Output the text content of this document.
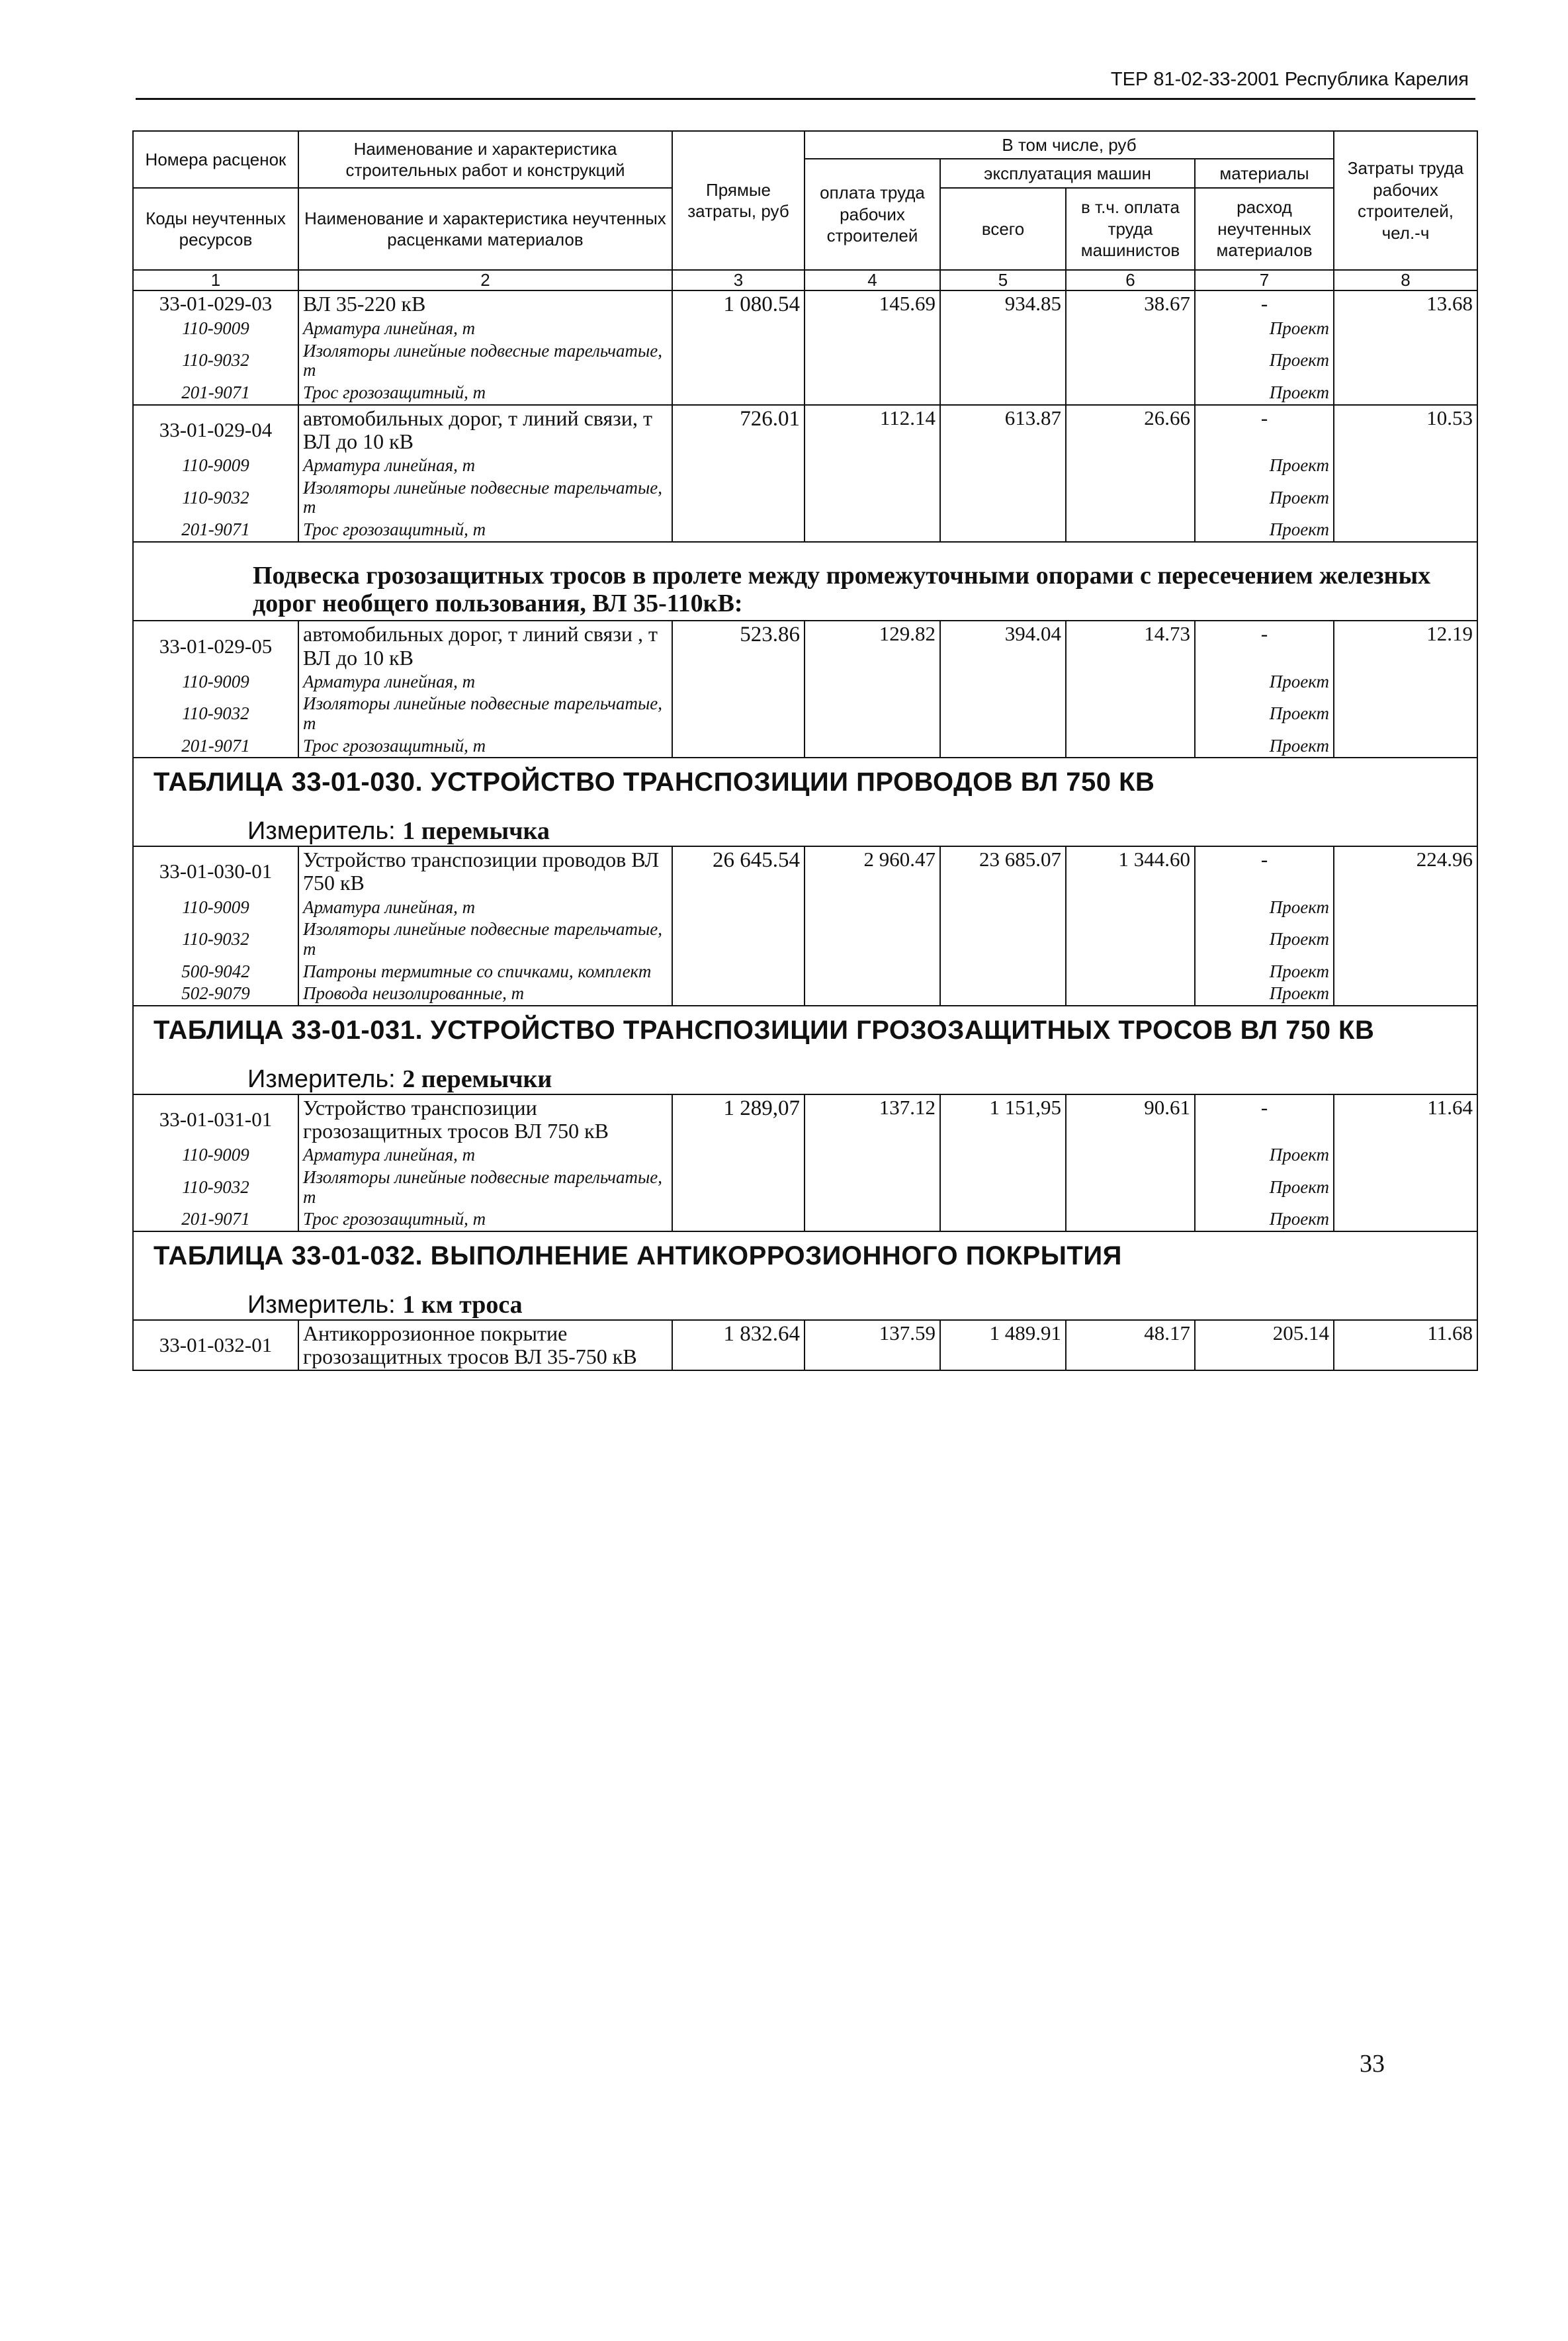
ТЕР 81-02-33-2001 Республика Карелия
Номера расценок	Наименование и характеристика строительных работ и конструкций	Прямые затраты, руб	В том числе, руб				Затраты труда рабочих строителей, чел.-ч
			оплата труда рабочих строителей	эксплуатация машин		материалы	
Коды неучтенных ресурсов	Наименование и характеристика неучтенных расценками материалов			всего	в т.ч. оплата труда машинистов	расход неучтенных материалов	

1	2	3	4	5	6	7	8
33-01-029-03	ВЛ 35-220 кВ	1 080.54	145.69	934.85	38.67	-	13.68
110-9009	Арматура линейная, т					Проект	
110-9032	Изоляторы линейные подвесные тарельчатые, т					Проект	
201-9071	Трос грозозащитный, т					Проект	
33-01-029-04	автомобильных дорог, т линий связи, т ВЛ до 10 кВ	726.01	112.14	613.87	26.66	-	10.53
110-9009	Арматура линейная, т					Проект	
110-9032	Изоляторы линейные подвесные тарельчатые, т					Проект	
201-9071	Трос грозозащитный, т					Проект	
Подвеска грозозащитных тросов в пролете между промежуточными опорами с пересечением железных дорог необщего пользования, ВЛ 35-110кВ:							
33-01-029-05	автомобильных дорог, т линий связи , т ВЛ до 10 кВ	523.86	129.82	394.04	14.73	-	12.19
110-9009	Арматура линейная, т					Проект	
110-9032	Изоляторы линейные подвесные тарельчатые, т					Проект	
201-9071	Трос грозозащитный, т					Проект	
ТАБЛИЦА 33-01-030. УСТРОЙСТВО ТРАНСПОЗИЦИИ ПРОВОДОВ ВЛ 750 КВ							
Измеритель: 1 перемычка							
33-01-030-01	Устройство транспозиции проводов ВЛ 750 кВ	26 645.54	2 960.47	23 685.07	1 344.60	-	224.96
110-9009	Арматура линейная, т					Проект	
110-9032	Изоляторы линейные подвесные тарельчатые, т					Проект	
500-9042	Патроны термитные со спичками, комплект					Проект	
502-9079	Провода неизолированные, т					Проект	
ТАБЛИЦА 33-01-031. УСТРОЙСТВО ТРАНСПОЗИЦИИ ГРОЗОЗАЩИТНЫХ ТРОСОВ ВЛ 750 КВ							
Измеритель: 2 перемычки							
33-01-031-01	Устройство транспозиции грозозащитных тросов ВЛ 750 кВ	1 289,07	137.12	1 151,95	90.61	-	11.64
110-9009	Арматура линейная, т					Проект	
110-9032	Изоляторы линейные подвесные тарельчатые, т					Проект	
201-9071	Трос грозозащитный, т					Проект	
ТАБЛИЦА 33-01-032. ВЫПОЛНЕНИЕ АНТИКОРРОЗИОННОГО ПОКРЫТИЯ							
Измеритель: 1 км троса							
33-01-032-01	Антикоррозионное покрытие грозозащитных тросов ВЛ 35-750 кВ	1 832.64	137.59	1 489.91	48.17	205.14	11.68
33
